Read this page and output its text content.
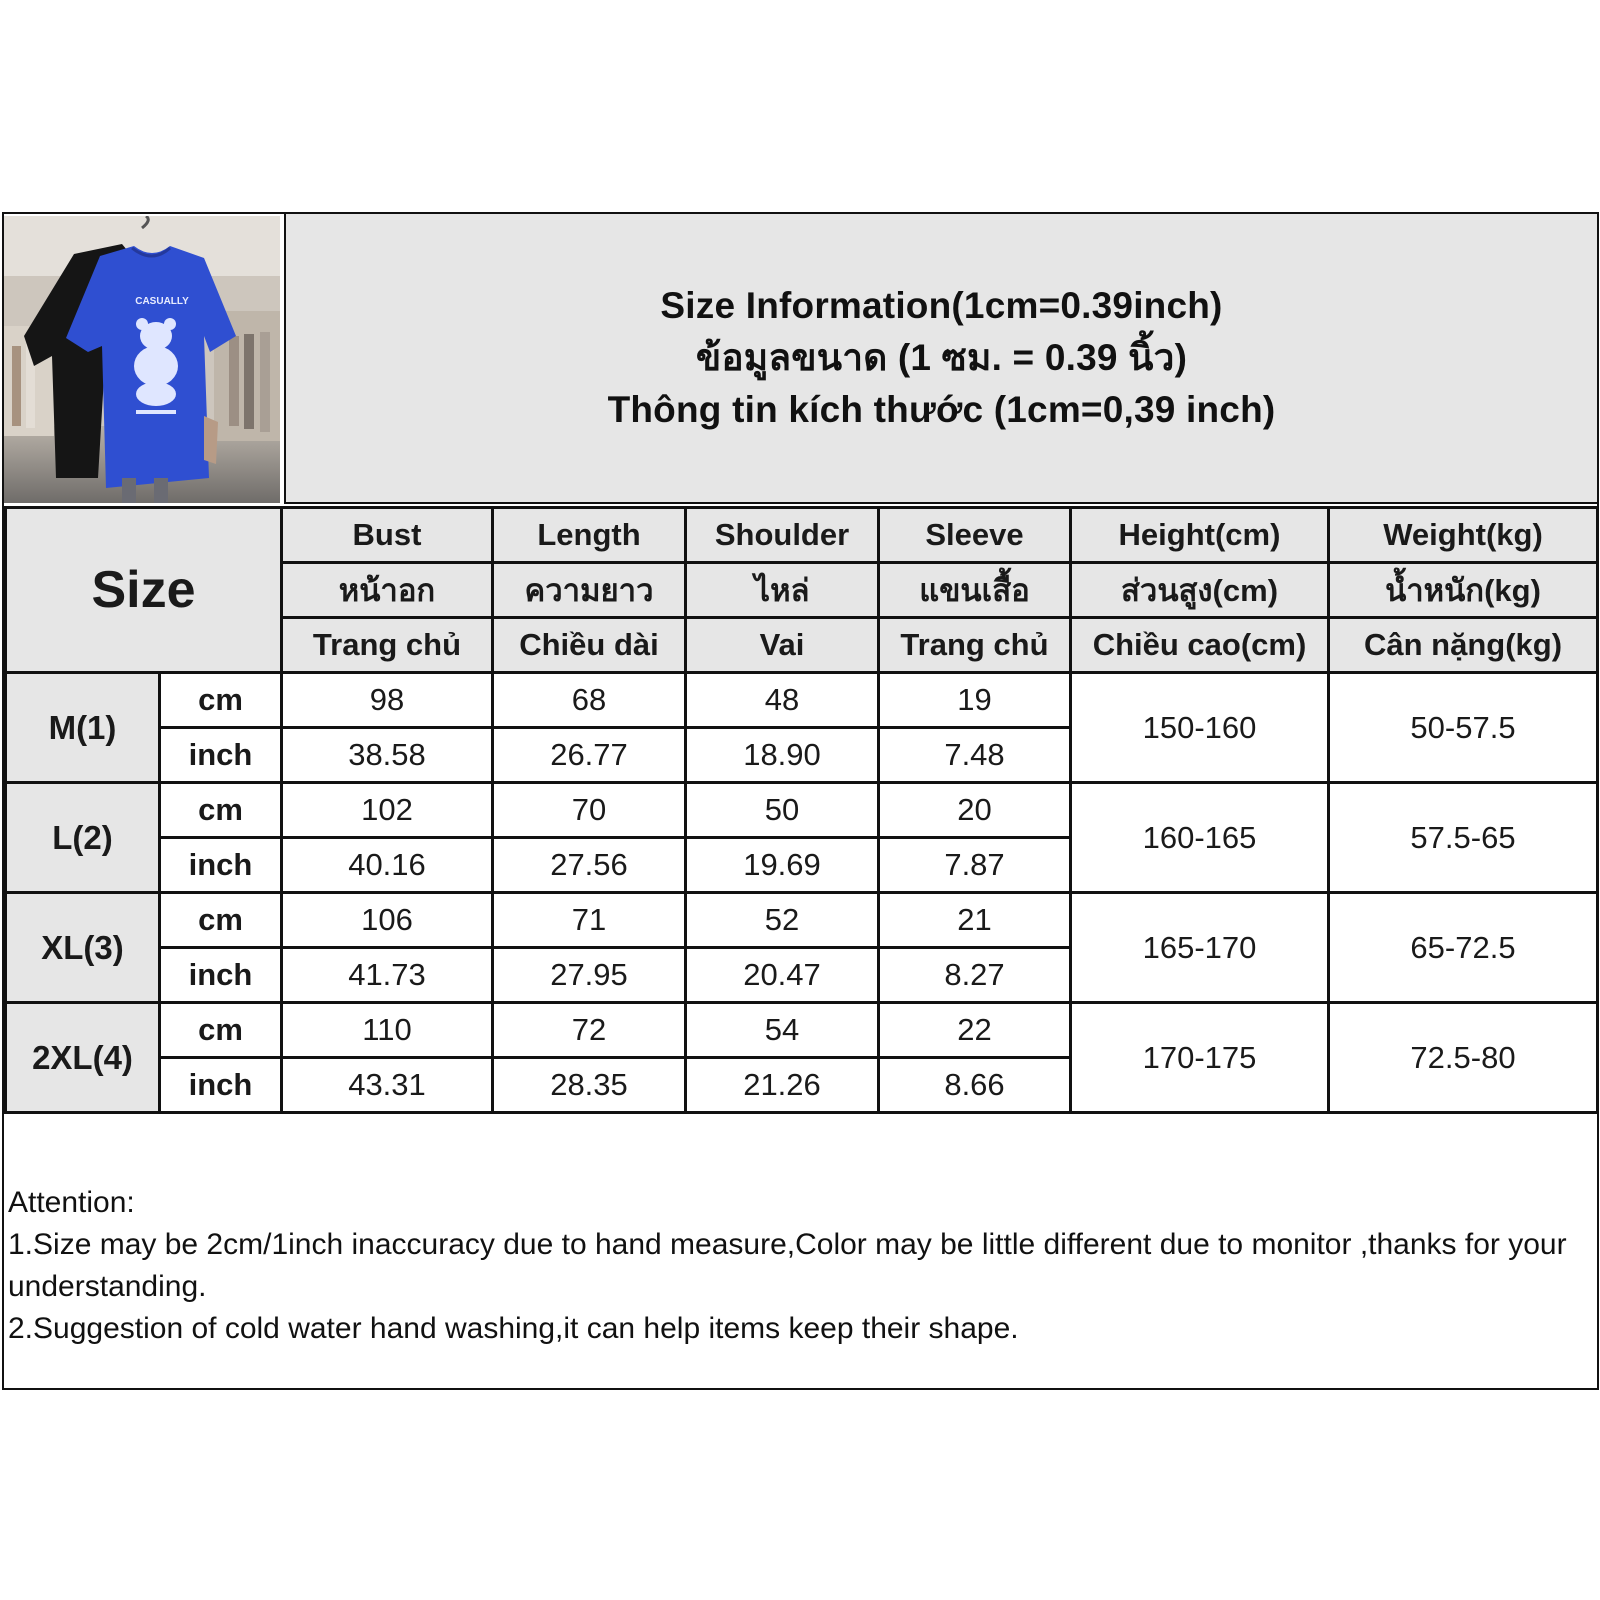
CASUALLY	Size Information(1cm=0.39inch)
ข้อมูลขนาด (1 ซม. = 0.39 นิ้ว)
Thông tin kích thước (1cm=0,39 inch)
Size		Bust	Length	Shoulder	Sleeve	Height(cm)	Weight(kg)
		หน้าอก	ความยาว	ไหล่	แขนเสื้อ	ส่วนสูง(cm)	น้ำหนัก(kg)
		Trang chủ	Chiều dài	Vai	Trang chủ	Chiều cao(cm)	Cân nặng(kg)
M(1)	cm	98	68	48	19	150-160	50-57.5
	inch	38.58	26.77	18.90	7.48		
L(2)	cm	102	70	50	20	160-165	57.5-65
	inch	40.16	27.56	19.69	7.87		
XL(3)	cm	106	71	52	21	165-170	65-72.5
	inch	41.73	27.95	20.47	8.27		
2XL(4)	cm	110	72	54	22	170-175	72.5-80
	inch	43.31	28.35	21.26	8.66		

Attention:

1.Size may be 2cm/1inch inaccuracy due to hand measure,Color may be little different due to monitor ,thanks for your understanding.

2.Suggestion of cold water hand washing,it can help items keep their shape.
